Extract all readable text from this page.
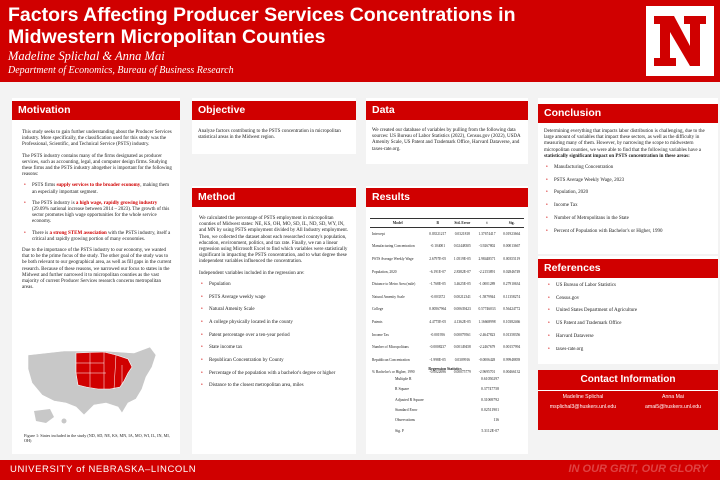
Factors Affecting Producer Services Concentrations in Midwestern Micropolitan Counties
Madeline Splichal & Anna Mai
Department of Economics, Bureau of Business Research
Motivation

This study seeks to gain further understanding about the Producer Services industry. More specifically, the classification used for this study was the Professional, Scientific, and Technical Service (PSTS) industry.

The PSTS industry contains many of the firms designated as producer services, such as accounting, legal, and computer design firms. Studying these firms and the PSTS industry altogether is important for the following reasons:

• PSTS firms supply services to the broader economy, making them an especially important segment.
• The PSTS industry is a high wage, rapidly growing industry (29.09% national increase between 2014 – 2023). The growth of this sector promotes high wage opportunities for the whole service economy.
• There is a strong STEM association with the PSTS industry, itself a critical and rapidly growing portion of many economies.

Due to the importance of the PSTS industry to our economy, we wanted that to be the prime focus of the study. The other goal of the study was to be both relevant to our geographical area, as well as fill gaps in the current research. Because of these reasons, we narrowed our focus to states in the Midwest and further narrowed it to micropolitan counties as the vast majority of current Producer Services research concerns metropolitan areas.

Figure 1: States included in the study (ND, SD, NE, KS, MN, IA, MO, WI, IL, IN, MI, OH)
Objective
Analyze factors contributing to the PSTS concentration in micropolitan statistical areas in the Midwest region.
Method

We calculated the percentage of PSTS employment in micropolitan counties of Midwest states: NE, KS, OH, MO, SD, IL, ND, SD, WY, IN, and MN by using PSTS employment divided by All Industry employment. Then, we collected the dataset about each researched county's population, education, environment, politics, and tax rate. Finally, we ran a linear regression using Microsoft Excel to find which variables were statistically significant in impacting the PSTS concentration, and to what degree these independent variables influenced the concentration.

Independent variables included in the regression are:

• Population
• PSTS Average weekly wage
• Natural Amenity Scale
• A college physically located in the county
• Patent percentage over a ten-year period
• State income tax
• Republican Concentration by County
• Percentage of the population with a bachelor's degree or higher
• Distance to the closest metropolitan area, miles
Data
We created our database of variables by pulling from the following data sources: US Bureau of Labor Statistics (2022), Census.gov (2022), USDA Amenity Scale, US Patent and Trademark Office, Harvard Dataverse, and taxes-rate.org.
Results
Model	B	Std. Error	t	Sig.
Intercept	0.03521217	0.0321818	1.37674417	0.01923664
Manufacturing Concentration	-0.104001	0.02448305	-3.9267802	0.00013667
PSTS Average Weekly Wage	2.6797E-05	1.0519E-05	2.98448571	0.00355119
Population, 2020	-6.191E-07	2.8382E-07	-2.2153891	0.02846749
Distance to Metro Area (mile)	-1.768E-05	3.4625E-05	-1.0001289	0.27910634
Natural Amenity Scale	-0.003372	0.00212341	-1.5879944	0.11358274
College	0.00567964	0.00639423	0.57746033	0.56424772
Patents	4.4775E-05	4.1362E-05	1.16668998	0.10382466
Income Tax	-0.001956	0.00079561	-2.4647823	0.01358356
Number of Micropolitans	-0.0008237	0.00149458	-2.2467679	0.00157994
Republican Concentration	-1.998E-05	0.0309916	-0.0006428	0.99948839
% Bachelor's or Higher, 1990	-0.0022696	0.00075779	-2.9695701	0.00466132
Regression Statistics
Multiple R	0.61050297
R Square	0.37747758
Adjusted R Square	0.31069792
Standard Error	0.02511901
Observations	116
Sig. F	5.3112E-07
Conclusion

Determining everything that impacts labor distribution is challenging, due to the large amount of variables that impact these sectors, as well as the difficulty in measuring many of them. However, by narrowing the scope to midwestern micropolitan counties, we were able to find that the following variables have a statistically significant impact on PSTS concentration in these areas:

• Manufacturing Concentration
• PSTS Average Weekly Wage, 2023
• Population, 2020
• Income Tax
• Number of Metropolitans in the State
• Percent of Population with Bachelor's or Higher, 1990
References
• US Bureau of Labor Statistics
• Census.gov
• United States Department of Agriculture
• US Patent and Trademark Office
• Harvard Dataverse
• taxes-rate.org
Contact Information
Madeline Splichal
msplichal3@huskers.unl.edu
Anna Mai
amai5@huskers.unl.edu
UNIVERSITY of NEBRASKA–LINCOLN	IN OUR GRIT, OUR GLORY
